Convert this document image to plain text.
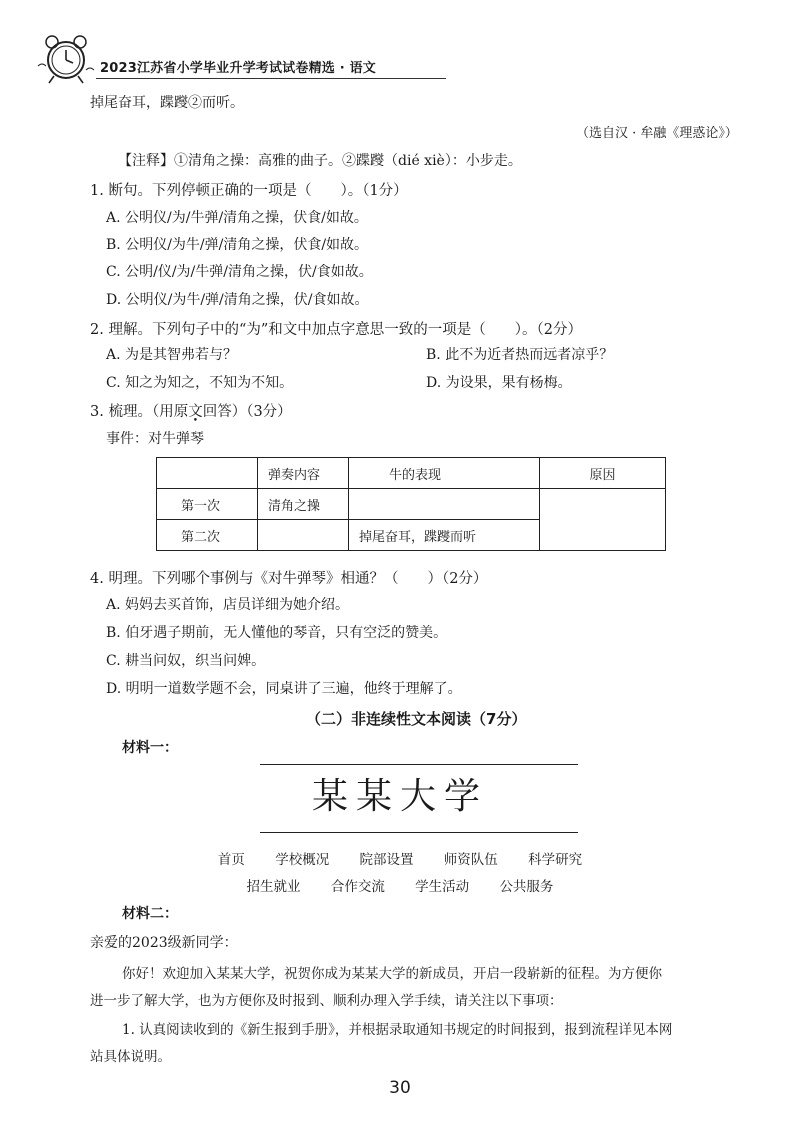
2023江苏省小学毕业升学考试试卷精选 · 语文
掉尾奋耳，蹀躞②而听。
（选自汉 · 牟融《理惑论》）
【注释】①清角之操：高雅的曲子。②蹀躞（dié xiè）：小步走。
1. 断句。下列停顿正确的一项是（　　）。（1分）
A. 公明仪/为/牛弹/清角之操，伏食/如故。
B. 公明仪/为牛/弹/清角之操，伏食/如故。
C. 公明/仪/为/牛弹/清角之操，伏/食如故。
D. 公明仪/为牛/弹/清角之操，伏/食如故。
2. 理解。下列句子中的“为”和文中加点字意思一致的一项是（　　）。（2分）
A. 为是其智弗若与？	B. 此不为近者热而远者凉乎？
C. 知之为知之，不知为不知。	D. 为设果，果有杨梅。
3. 梳理。（用原文回答 •）（3分）
事件：对牛弹琴
	弹奏内容	牛的表现	原因
第一次	清角之操		
第二次		掉尾奋耳，蹀躞而听	
4. 明理。下列哪个事例与《对牛弹琴》相通？（　　）（2分）
A. 妈妈去买首饰，店员详细为她介绍。
B. 伯牙遇子期前，无人懂他的琴音，只有空泛的赞美。
C. 耕当问奴，织当问婢。
D. 明明一道数学题不会，同桌讲了三遍，他终于理解了。
（二）非连续性文本阅读（7分）
材料一：
某某大学
首页 学校概况 院部设置 师资队伍 科学研究
招生就业 合作交流 学生活动 公共服务
材料二：
亲爱的2023级新同学：
你好！欢迎加入某某大学，祝贺你成为某某大学的新成员，开启一段崭新的征程。为方便你
进一步了解大学，也为方便你及时报到、顺利办理入学手续，请关注以下事项：
1. 认真阅读收到的《新生报到手册》，并根据录取通知书规定的时间报到，报到流程详见本网
站具体说明。
30
